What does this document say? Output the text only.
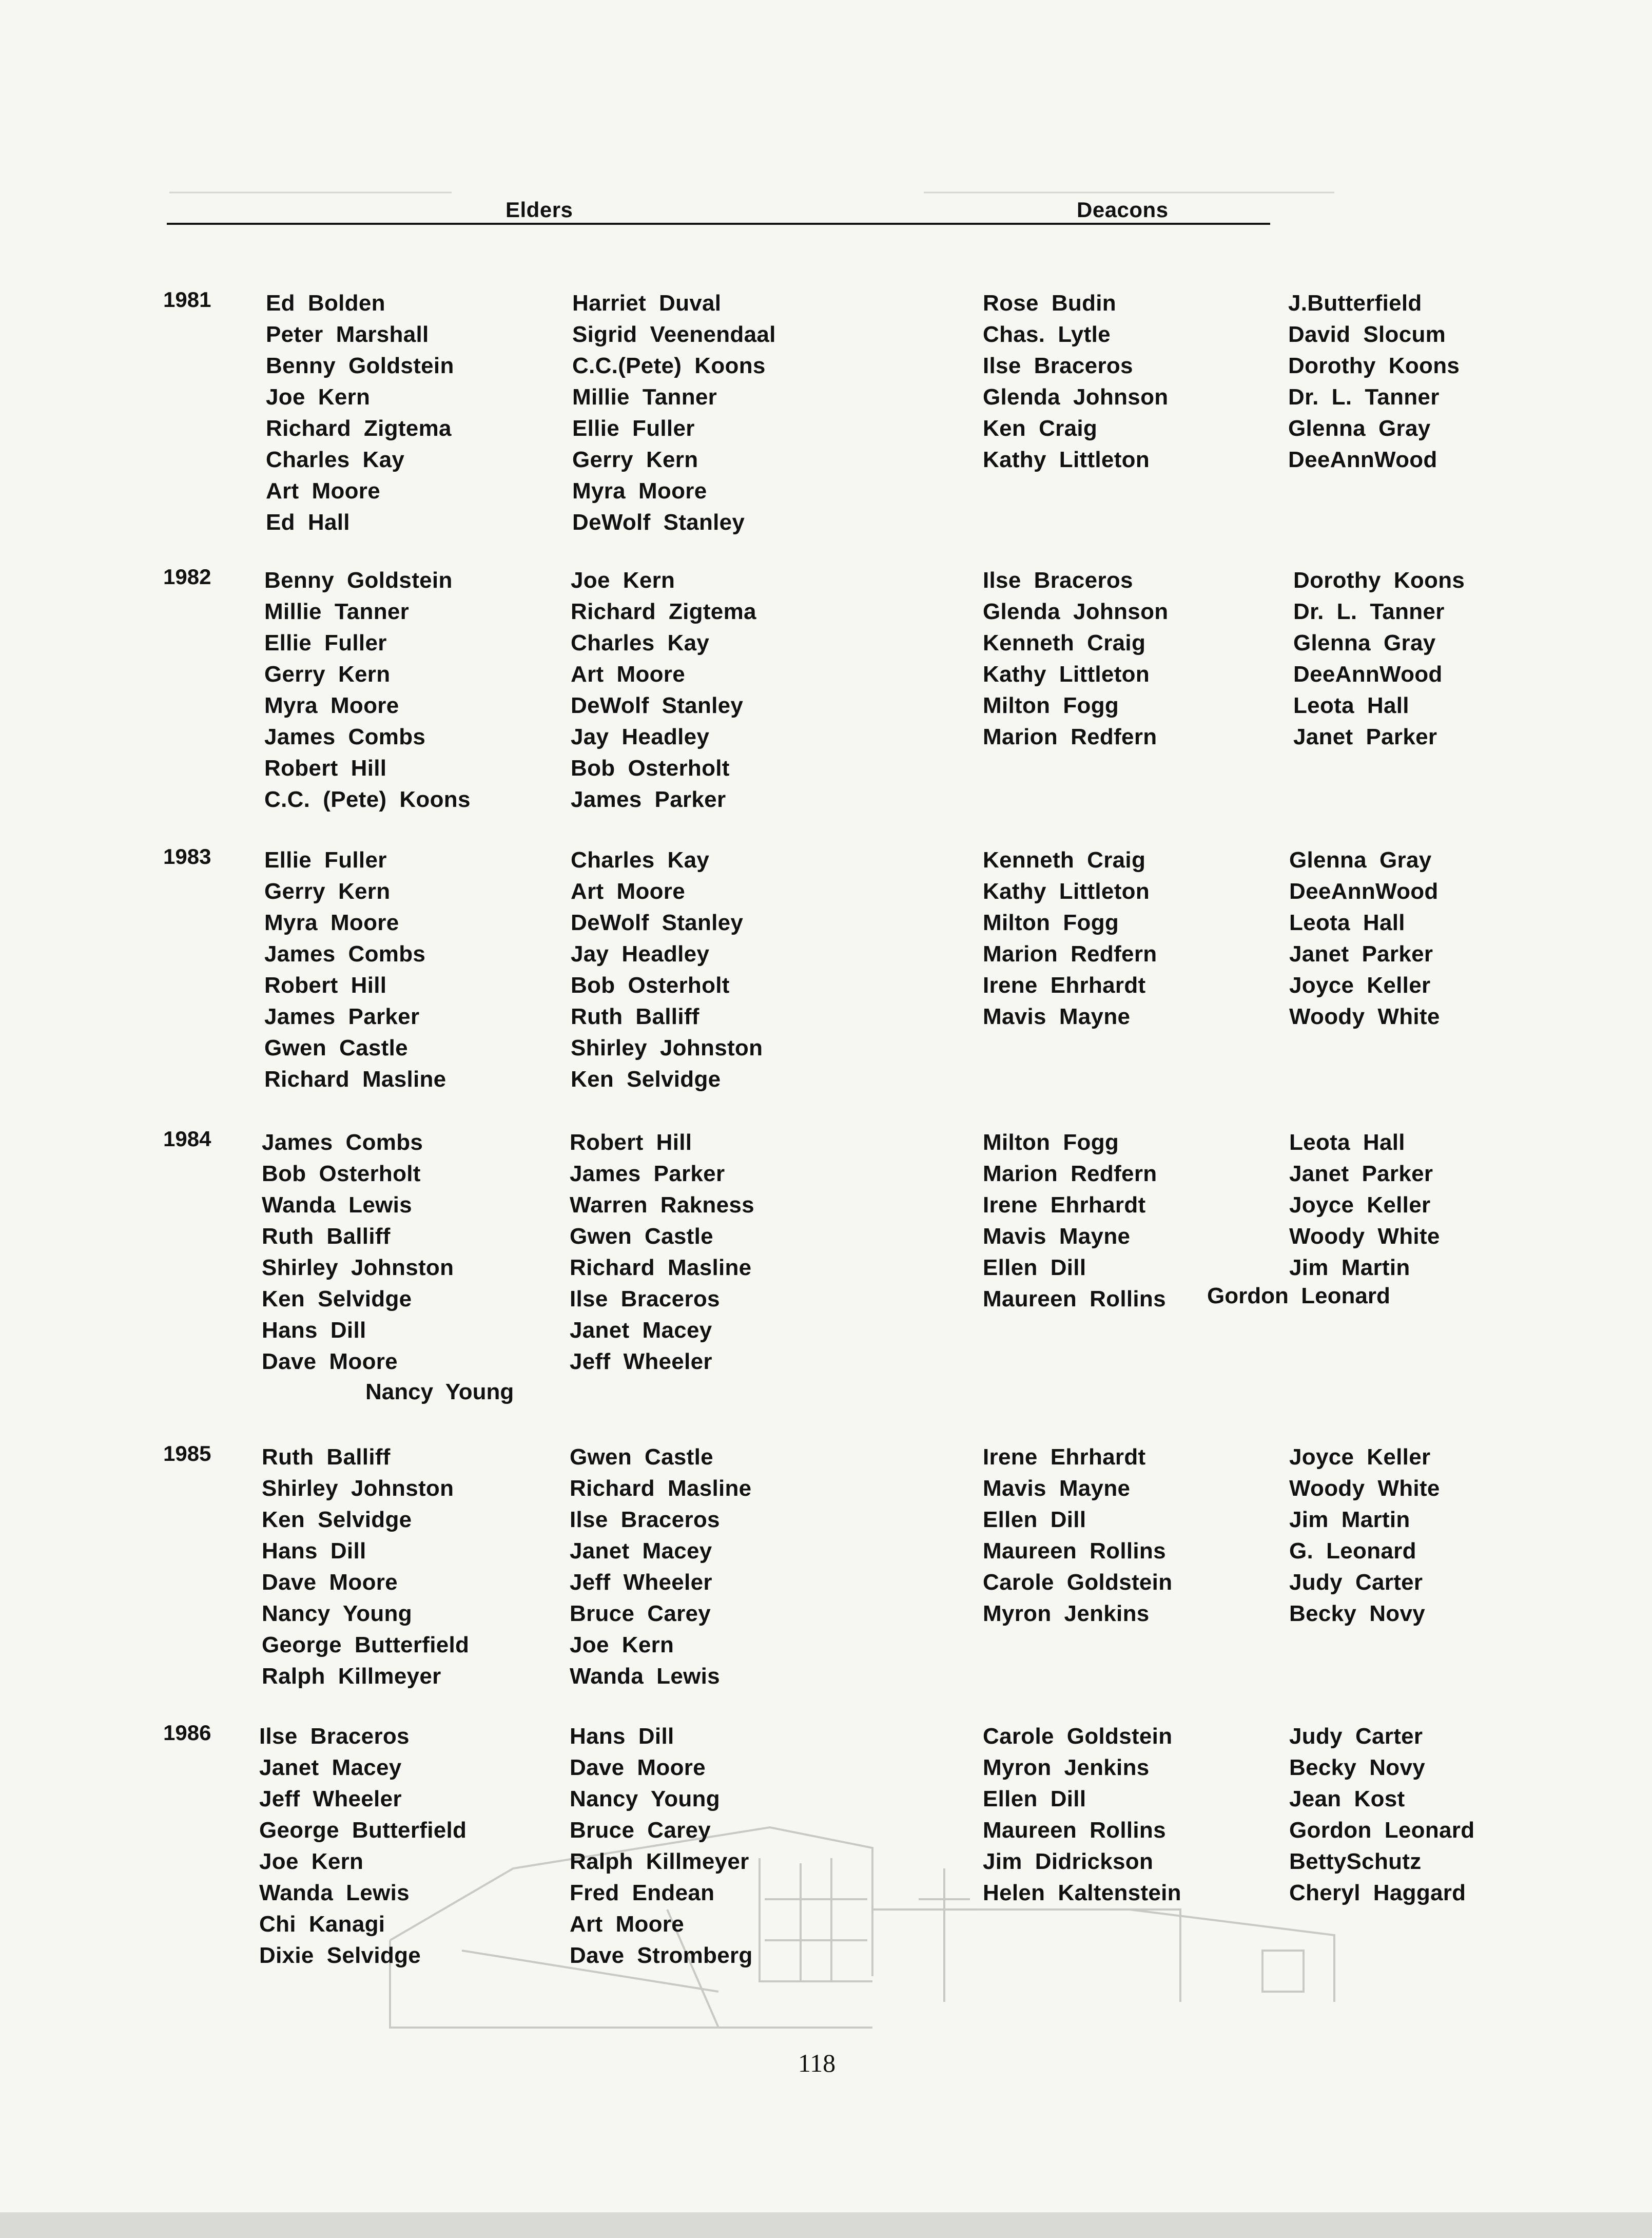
Elders	Deacons
1981 Ed  Bolden
Peter  Marshall
Benny  Goldstein
Joe  Kern
Richard  Zigtema
Charles  Kay
Art  Moore
Ed  Hall
Harriet  Duval
Sigrid  Veenendaal
C.C.(Pete)  Koons
Millie  Tanner
Ellie  Fuller
Gerry  Kern
Myra  Moore
DeWolf  Stanley
Rose  Budin
Chas.  Lytle
Ilse  Braceros
Glenda  Johnson
Ken  Craig
Kathy  Littleton
J.Butterfield
David  Slocum
Dorothy  Koons
Dr.  L.  Tanner
Glenna  Gray
DeeAnnWood
1982 Benny  Goldstein
Millie  Tanner
Ellie  Fuller
Gerry  Kern
Myra  Moore
James  Combs
Robert  Hill
C.C.  (Pete)  Koons
Joe  Kern
Richard  Zigtema
Charles  Kay
Art  Moore
DeWolf  Stanley
Jay  Headley
Bob  Osterholt
James  Parker
Ilse  Braceros
Glenda  Johnson
Kenneth  Craig
Kathy  Littleton
Milton  Fogg
Marion  Redfern
Dorothy  Koons
Dr.  L.  Tanner
Glenna  Gray
DeeAnnWood
Leota  Hall
Janet  Parker
1983 Ellie  Fuller
Gerry  Kern
Myra  Moore
James  Combs
Robert  Hill
James  Parker
Gwen  Castle
Richard  Masline
Charles  Kay
Art  Moore
DeWolf  Stanley
Jay  Headley
Bob  Osterholt
Ruth  Balliff
Shirley  Johnston
Ken  Selvidge
Kenneth  Craig
Kathy  Littleton
Milton  Fogg
Marion  Redfern
Irene  Ehrhardt
Mavis  Mayne
Glenna  Gray
DeeAnnWood
Leota  Hall
Janet  Parker
Joyce  Keller
Woody  White
1984 James  Combs
Bob  Osterholt
Wanda  Lewis
Ruth  Balliff
Shirley  Johnston
Ken  Selvidge
Hans  Dill
Dave  Moore
Nancy  Young
Robert  Hill
James  Parker
Warren  Rakness
Gwen  Castle
Richard  Masline
Ilse  Braceros
Janet  Macey
Jeff  Wheeler
Milton  Fogg
Marion  Redfern
Irene  Ehrhardt
Mavis  Mayne
Ellen  Dill
Maureen  Rollins
Leota  Hall
Janet  Parker
Joyce  Keller
Woody  White
Jim  Martin
Gordon  Leonard
1985 Ruth  Balliff
Shirley  Johnston
Ken  Selvidge
Hans  Dill
Dave  Moore
Nancy  Young
George  Butterfield
Ralph  Killmeyer
Gwen  Castle
Richard  Masline
Ilse  Braceros
Janet  Macey
Jeff  Wheeler
Bruce  Carey
Joe  Kern
Wanda  Lewis
Irene  Ehrhardt
Mavis  Mayne
Ellen  Dill
Maureen  Rollins
Carole  Goldstein
Myron  Jenkins
Joyce  Keller
Woody  White
Jim  Martin
G.  Leonard
Judy  Carter
Becky  Novy
1986 Ilse  Braceros
Janet  Macey
Jeff  Wheeler
George  Butterfield
Joe  Kern
Wanda  Lewis
Chi  Kanagi
Dixie  Selvidge
Hans  Dill
Dave  Moore
Nancy  Young
Bruce  Carey
Ralph  Killmeyer
Fred  Endean
Art  Moore
Dave  Stromberg
Carole  Goldstein
Myron  Jenkins
Ellen  Dill
Maureen  Rollins
Jim  Didrickson
Helen  Kaltenstein
Judy  Carter
Becky  Novy
Jean  Kost
Gordon  Leonard
BettySchutz
Cheryl  Haggard
118
